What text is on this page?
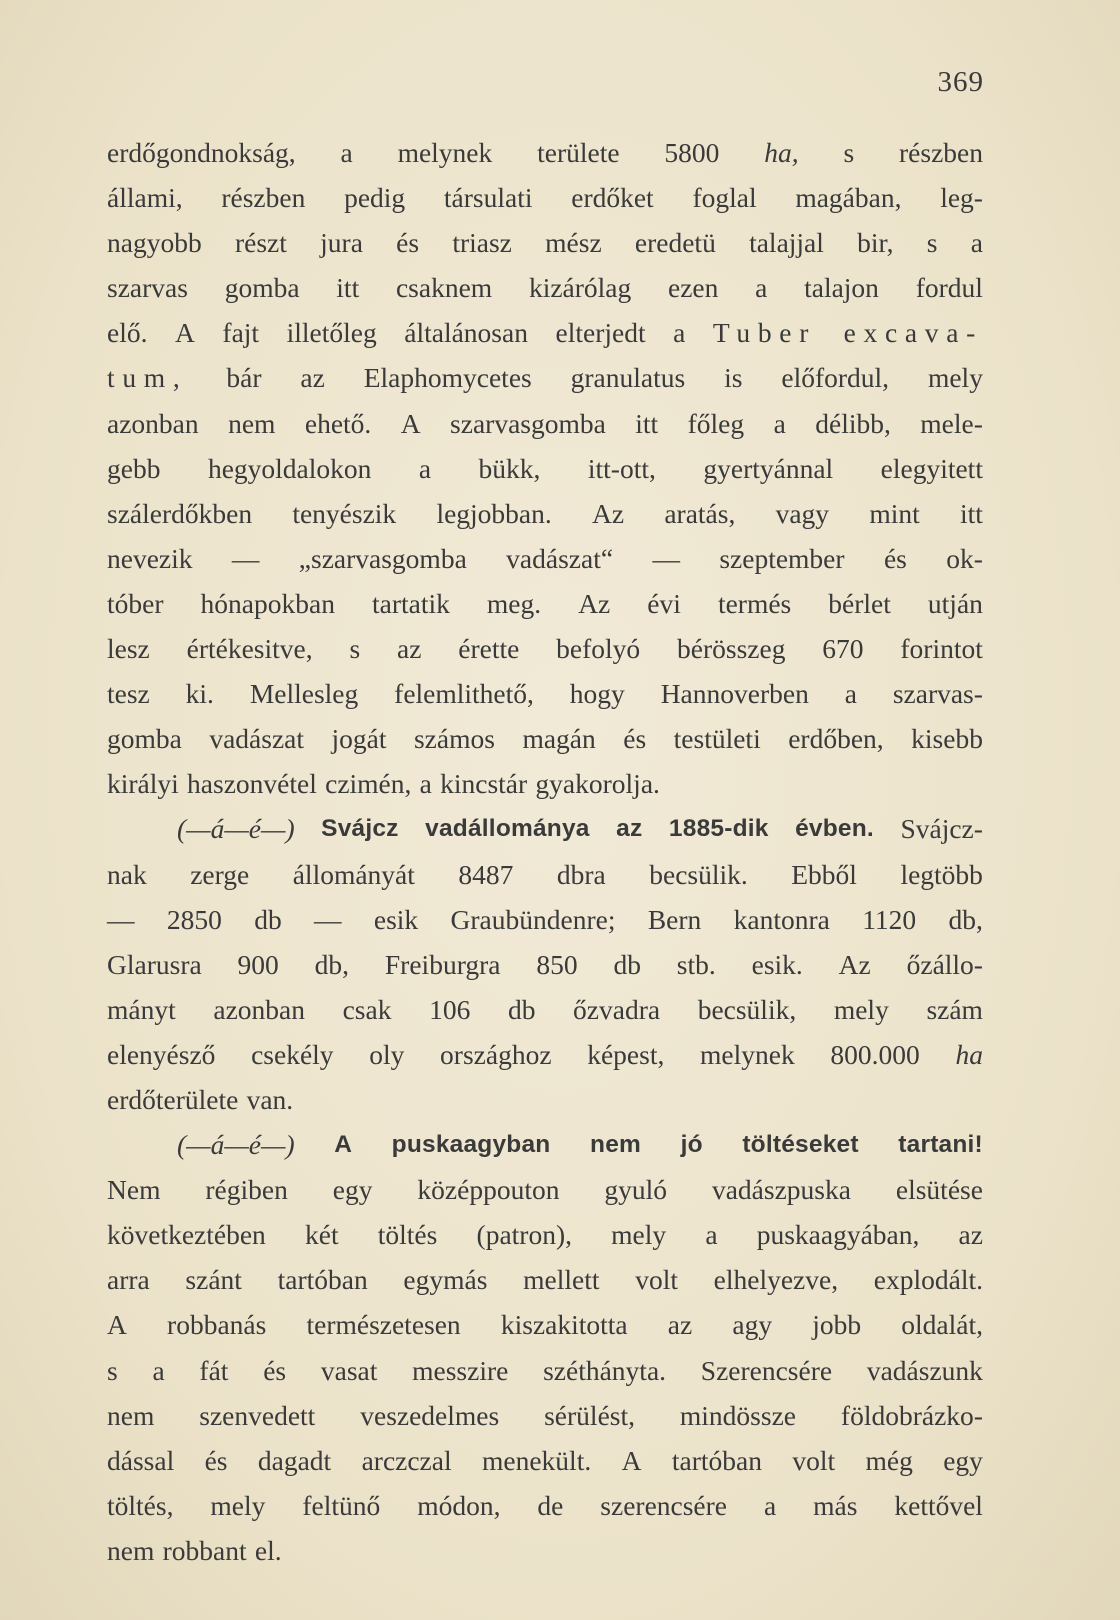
369
erdőgondnokság, a melynek területe 5800 ha, s részben
állami, részben pedig társulati erdőket foglal magában, leg-
nagyobb részt jura és triasz mész eredetü talajjal bir, s a
szarvas gomba itt csaknem kizárólag ezen a talajon fordul
elő. A fajt illetőleg általánosan elterjedt a Tuber excava-
tum, bár az Elaphomycetes granulatus is előfordul, mely
azonban nem ehető. A szarvasgomba itt főleg a délibb, mele-
gebb hegyoldalokon a bükk, itt-ott, gyertyánnal elegyitett
szálerdőkben tenyészik legjobban. Az aratás, vagy mint itt
nevezik — „szarvasgomba vadászat“ — szeptember és ok-
tóber hónapokban tartatik meg. Az évi termés bérlet utján
lesz értékesitve, s az érette befolyó bérösszeg 670 forintot
tesz ki. Mellesleg felemlithető, hogy Hannoverben a szarvas-
gomba vadászat jogát számos magán és testületi erdőben, kisebb
királyi haszonvétel czimén, a kincstár gyakorolja.
(—á—é—) Svájcz vadállománya az 1885-dik évben. Svájcz-
nak zerge állományát 8487 dbra becsülik. Ebből legtöbb
— 2850 db — esik Graubündenre; Bern kantonra 1120 db,
Glarusra 900 db, Freiburgra 850 db stb. esik. Az őzállo-
mányt azonban csak 106 db őzvadra becsülik, mely szám
elenyésző csekély oly országhoz képest, melynek 800.000 ha
erdőterülete van.
(—á—é—) A puskaagyban nem jó töltéseket tartani!
Nem régiben egy középpouton gyuló vadászpuska elsütése
következtében két töltés (patron), mely a puskaagyában, az
arra szánt tartóban egymás mellett volt elhelyezve, explodált.
A robbanás természetesen kiszakitotta az agy jobb oldalát,
s a fát és vasat messzire széthányta. Szerencsére vadászunk
nem szenvedett veszedelmes sérülést, mindössze földobrázko-
dással és dagadt arczczal menekült. A tartóban volt még egy
töltés, mely feltünő módon, de szerencsére a más kettővel
nem robbant el.
